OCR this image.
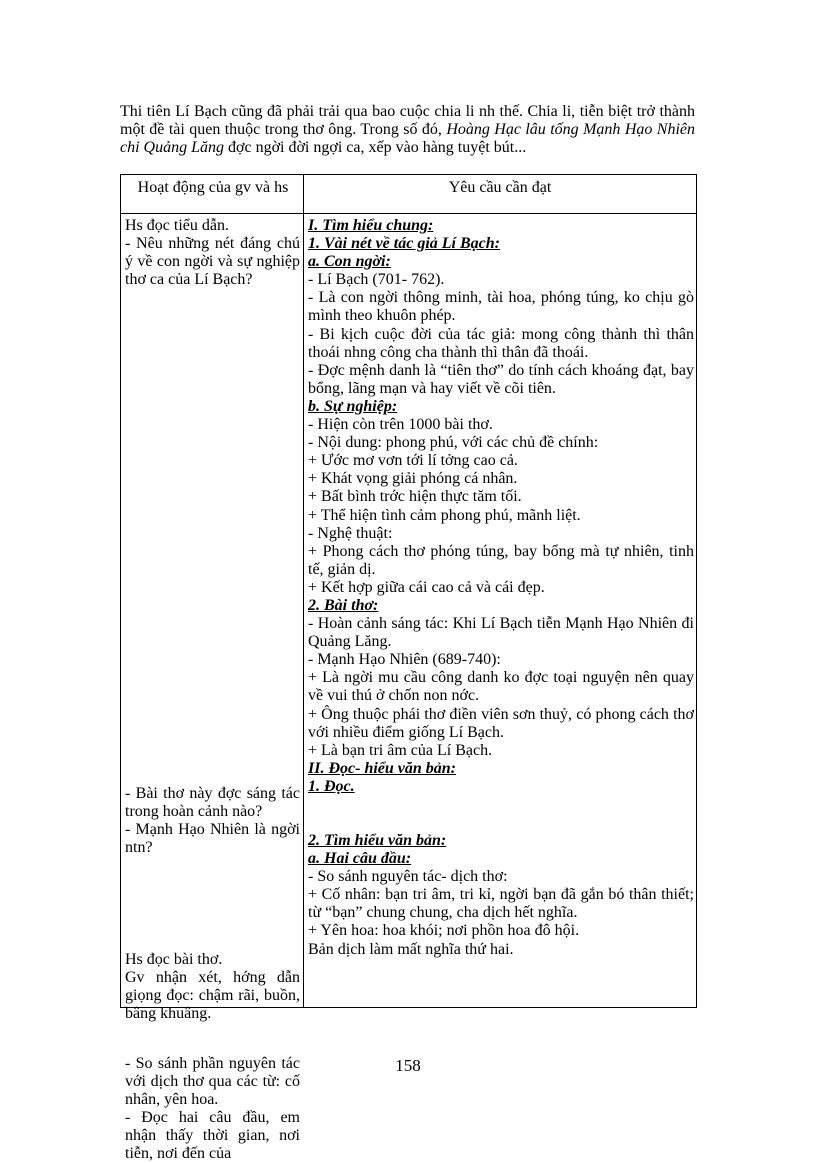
Thi tiên Lí Bạch cũng đã phải trải qua bao cuộc chia li nh thế. Chia li, tiễn biệt trở thành một đề tài quen thuộc trong thơ ông. Trong số đó, Hoàng Hạc lâu tống Mạnh Hạo Nhiên chi Quảng Lăng đợc ngời đời ngợi ca, xếp vào hàng tuyệt bút...
Hoạt động của gv và hs	Yêu cầu cần đạt
Hs đọc tiểu dẫn.
- Nêu những nét đáng chú ý về con ngời và sự nghiệp thơ ca của Lí Bạch?
- Bài thơ này đợc sáng tác trong hoàn cảnh nào?
- Mạnh Hạo Nhiên là ngời ntn?
Hs đọc bài thơ.
Gv nhận xét, hớng dẫn giọng đọc: chậm rãi, buồn, bâng khuâng.
- So sánh phần nguyên tác với dịch thơ qua các từ: cố nhân, yên hoa.
- Đọc hai câu đầu, em nhận thấy thời gian, nơi tiễn, nơi đến của

I. Tìm hiểu chung:

1. Vài nét về tác giả Lí Bạch:

a. Con ngời:

- Lí Bạch (701- 762).

- Là con ngời thông minh, tài hoa, phóng túng, ko chịu gò mình theo khuôn phép.

- Bi kịch cuộc đời của tác giả: mong công thành thì thân thoái nhng công cha thành thì thân đã thoái.

- Đợc mệnh danh là “tiên thơ” do tính cách khoáng đạt, bay bổng, lãng mạn và hay viết về cõi tiên.

b. Sự nghiệp:

- Hiện còn trên 1000 bài thơ.

- Nội dung: phong phú, với các chủ đề chính:

+ Ước mơ vơn tới lí tởng cao cả.

+ Khát vọng giải phóng cá nhân.

+ Bất bình trớc hiện thực tăm tối.

+ Thể hiện tình cảm phong phú, mãnh liệt.

- Nghệ thuật:

+ Phong cách thơ phóng túng, bay bổng mà tự nhiên, tinh tế, giản dị.

+ Kết hợp giữa cái cao cả và cái đẹp.

2. Bài thơ:

- Hoàn cảnh sáng tác: Khi Lí Bạch tiễn Mạnh Hạo Nhiên đi Quảng Lăng.

- Mạnh Hạo Nhiên (689-740):

+ Là ngời mu cầu công danh ko đợc toại nguyện nên quay về vui thú ở chốn non nớc.

+ Ông thuộc phái thơ điền viên sơn thuỷ, có phong cách thơ với nhiều điểm giống Lí Bạch.

+ Là bạn tri âm của Lí Bạch.

II. Đọc- hiểu văn bản:

1. Đọc.

2. Tìm hiểu văn bản:

a. Hai câu đầu:

- So sánh nguyên tác- dịch thơ:

+ Cố nhân: bạn tri âm, tri kỉ, ngời bạn đã gắn bó thân thiết; từ “bạn” chung chung, cha dịch hết nghĩa.

+ Yên hoa: hoa khói; nơi phồn hoa đô hội.

Bản dịch làm mất nghĩa thứ hai.

158
